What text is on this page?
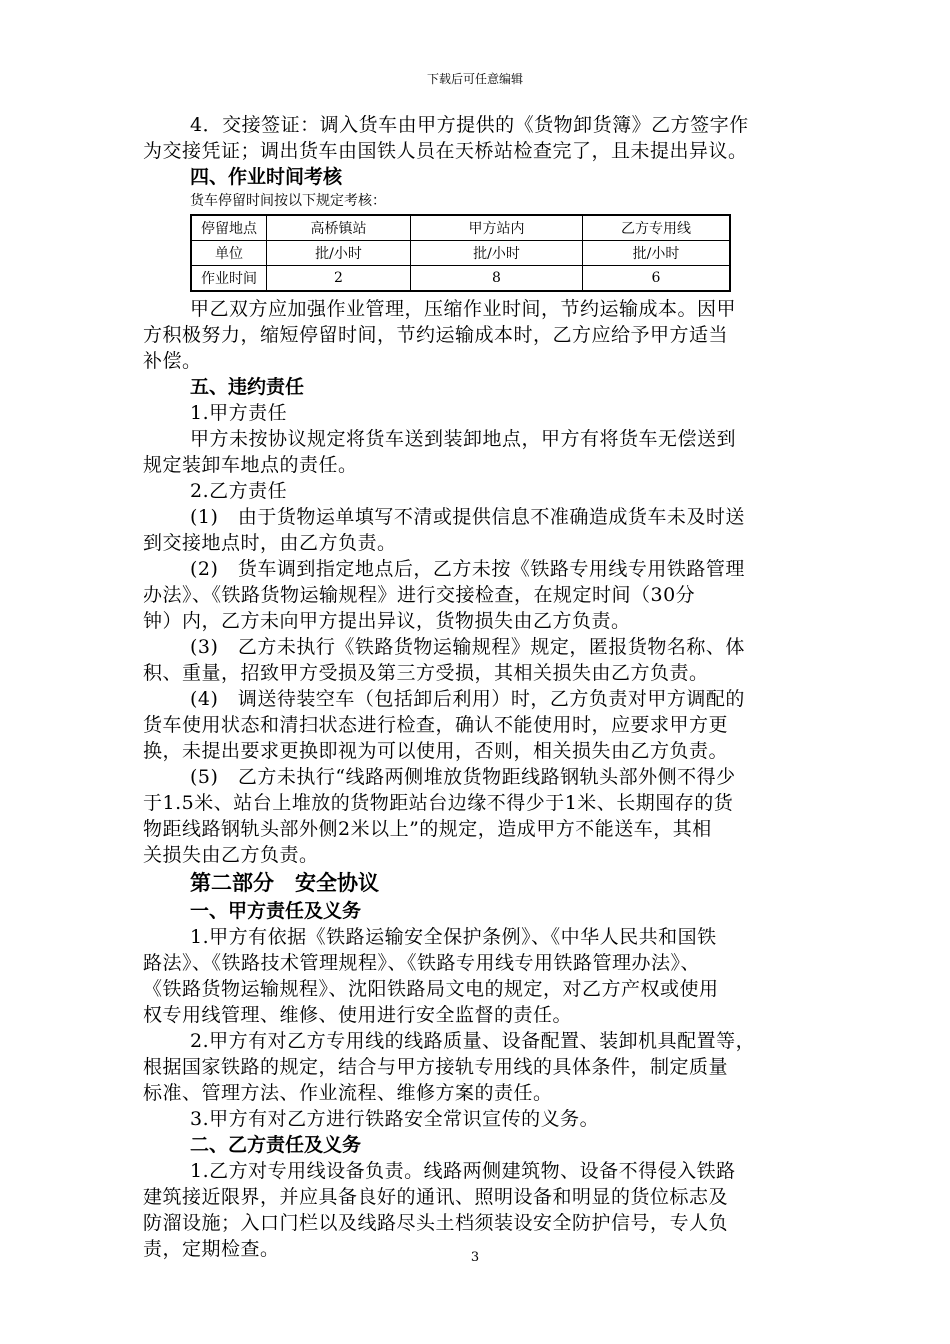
下载后可任意编辑

4．交接签证：调入货车由甲方提供的《货物卸货簿》乙方签字作

为交接凭证；调出货车由国铁人员在天桥站检查完了，且未提出异议。

四、作业时间考核

货车停留时间按以下规定考核：

停留地点	高桥镇站	甲方站内	乙方专用线
单位	批/小时	批/小时	批/小时
作业时间	2	8	6

甲乙双方应加强作业管理，压缩作业时间，节约运输成本。因甲

方积极努力，缩短停留时间，节约运输成本时，乙方应给予甲方适当

补偿。

五、违约责任

1.甲方责任

甲方未按协议规定将货车送到装卸地点，甲方有将货车无偿送到

规定装卸车地点的责任。

2.乙方责任

(1)　由于货物运单填写不清或提供信息不准确造成货车未及时送

到交接地点时，由乙方负责。

(2)　货车调到指定地点后，乙方未按《铁路专用线专用铁路管理

办法》、《铁路货物运输规程》进行交接检查，在规定时间（30分

钟）内，乙方未向甲方提出异议，货物损失由乙方负责。

(3)　乙方未执行《铁路货物运输规程》规定，匿报货物名称、体

积、重量，招致甲方受损及第三方受损，其相关损失由乙方负责。

(4)　调送待装空车（包括卸后利用）时，乙方负责对甲方调配的

货车使用状态和清扫状态进行检查，确认不能使用时，应要求甲方更

换，未提出要求更换即视为可以使用，否则，相关损失由乙方负责。

(5)　乙方未执行“线路两侧堆放货物距线路钢轨头部外侧不得少

于1.5米、站台上堆放的货物距站台边缘不得少于1米、长期囤存的货

物距线路钢轨头部外侧2米以上”的规定，造成甲方不能送车，其相

关损失由乙方负责。

第二部分　安全协议

一、甲方责任及义务

1.甲方有依据《铁路运输安全保护条例》、《中华人民共和国铁

路法》、《铁路技术管理规程》、《铁路专用线专用铁路管理办法》、

《铁路货物运输规程》、沈阳铁路局文电的规定，对乙方产权或使用

权专用线管理、维修、使用进行安全监督的责任。

2.甲方有对乙方专用线的线路质量、设备配置、装卸机具配置等，

根据国家铁路的规定，结合与甲方接轨专用线的具体条件，制定质量

标准、管理方法、作业流程、维修方案的责任。

3.甲方有对乙方进行铁路安全常识宣传的义务。

二、乙方责任及义务

1.乙方对专用线设备负责。线路两侧建筑物、设备不得侵入铁路

建筑接近限界，并应具备良好的通讯、照明设备和明显的货位标志及

防溜设施；入口门栏以及线路尽头土档须装设安全防护信号，专人负

责，定期检查。	3
